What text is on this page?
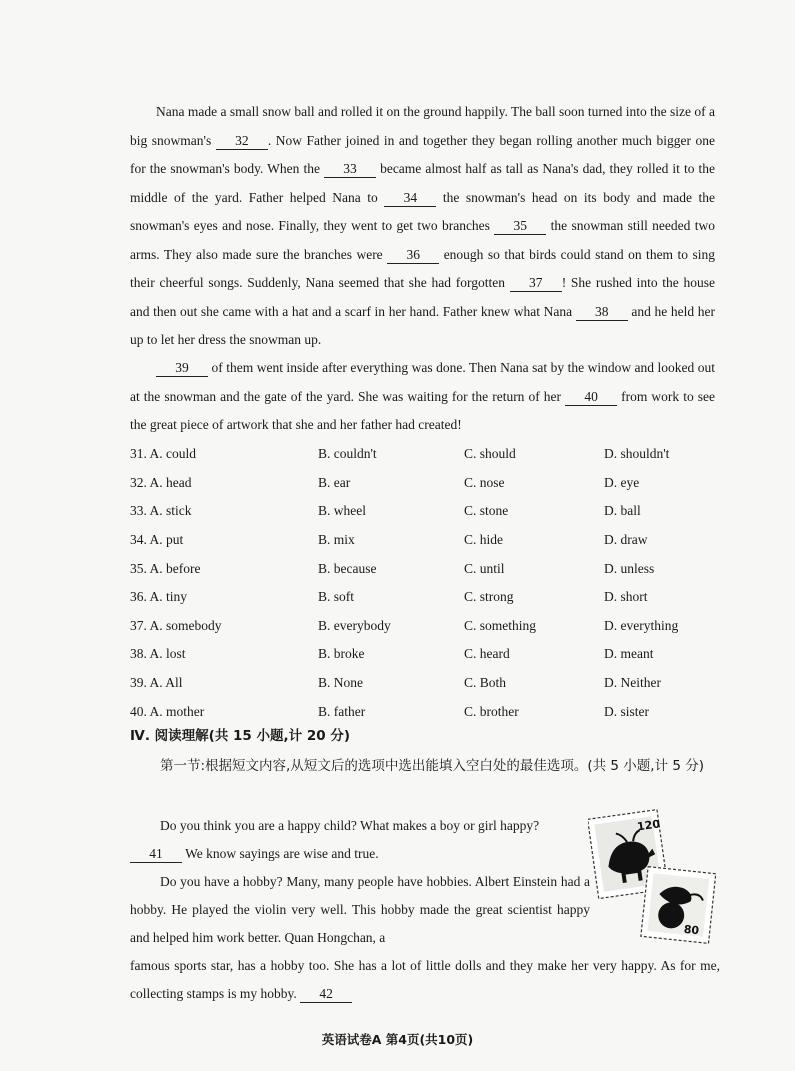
Nana made a small snow ball and rolled it on the ground happily. The ball soon turned into the size of a big snowman's 32 . Now Father joined in and together they began rolling another much bigger one for the snowman's body. When the 33 became almost half as tall as Nana's dad, they rolled it to the middle of the yard. Father helped Nana to 34 the snowman's head on its body and made the snowman's eyes and nose. Finally, they went to get two branches 35 the snowman still needed two arms. They also made sure the branches were 36 enough so that birds could stand on them to sing their cheerful songs. Suddenly, Nana seemed that she had forgotten 37 ! She rushed into the house and then out she came with a hat and a scarf in her hand. Father knew what Nana 38 and he held her up to let her dress the snowman up.
39 of them went inside after everything was done. Then Nana sat by the window and looked out at the snowman and the gate of the yard. She was waiting for the return of her 40 from work to see the great piece of artwork that she and her father had created!
31. A. could	B. couldn't	C. should	D. shouldn't
32. A. head	B. ear	C. nose	D. eye
33. A. stick	B. wheel	C. stone	D. ball
34. A. put	B. mix	C. hide	D. draw
35. A. before	B. because	C. until	D. unless
36. A. tiny	B. soft	C. strong	D. short
37. A. somebody	B. everybody	C. something	D. everything
38. A. lost	B. broke	C. heard	D. meant
39. A. All	B. None	C. Both	D. Neither
40. A. mother	B. father	C. brother	D. sister
Ⅳ. 阅读理解(共 15 小题,计 20 分)
第一节:根据短文内容,从短文后的选项中选出能填入空白处的最佳选项。(共 5 小题,计 5 分)
Do you think you are a happy child? What makes a boy or girl happy?
41 We know sayings are wise and true.
Do you have a hobby? Many, many people have hobbies. Albert Einstein had a hobby. He played the violin very well. This hobby made the great scientist happy and helped him work better. Quan Hongchan, a
famous sports star, has a hobby too. She has a lot of little dolls and they make her very happy. As for me, collecting stamps is my hobby. 42
120
80
英语试卷A 第4页(共10页)
